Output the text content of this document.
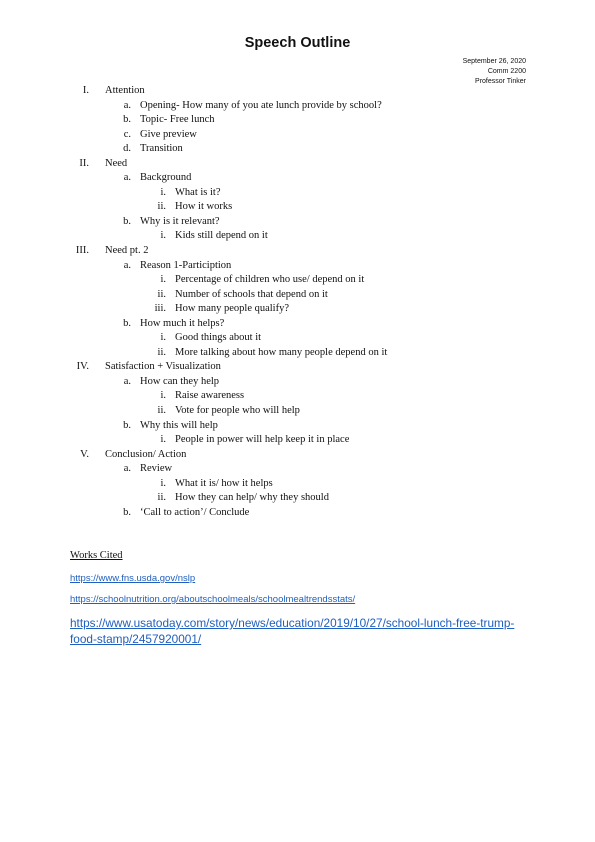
Speech Outline
September 26, 2020
Comm 2200
Professor Tinker
I. Attention
a. Opening- How many of you ate lunch provide by school?
b. Topic- Free lunch
c. Give preview
d. Transition
II. Need
a. Background
i. What is it?
ii. How it works
b. Why is it relevant?
i. Kids still depend on it
III. Need pt. 2
a. Reason 1-Particiption
i. Percentage of children who use/ depend on it
ii. Number of schools that depend on it
iii. How many people qualify?
b. How much it helps?
i. Good things about it
ii. More talking about how many people depend on it
IV. Satisfaction + Visualization
a. How can they help
i. Raise awareness
ii. Vote for people who will help
b. Why this will help
i. People in power will help keep it in place
V. Conclusion/ Action
a. Review
i. What it is/ how it helps
ii. How they can help/ why they should
b. ‘Call to action’/ Conclude
Works Cited
https://www.fns.usda.gov/nslp
https://schoolnutrition.org/aboutschoolmeals/schoolmealtrendsstats/
https://www.usatoday.com/story/news/education/2019/10/27/school-lunch-free-trump-food-stamp/2457920001/
